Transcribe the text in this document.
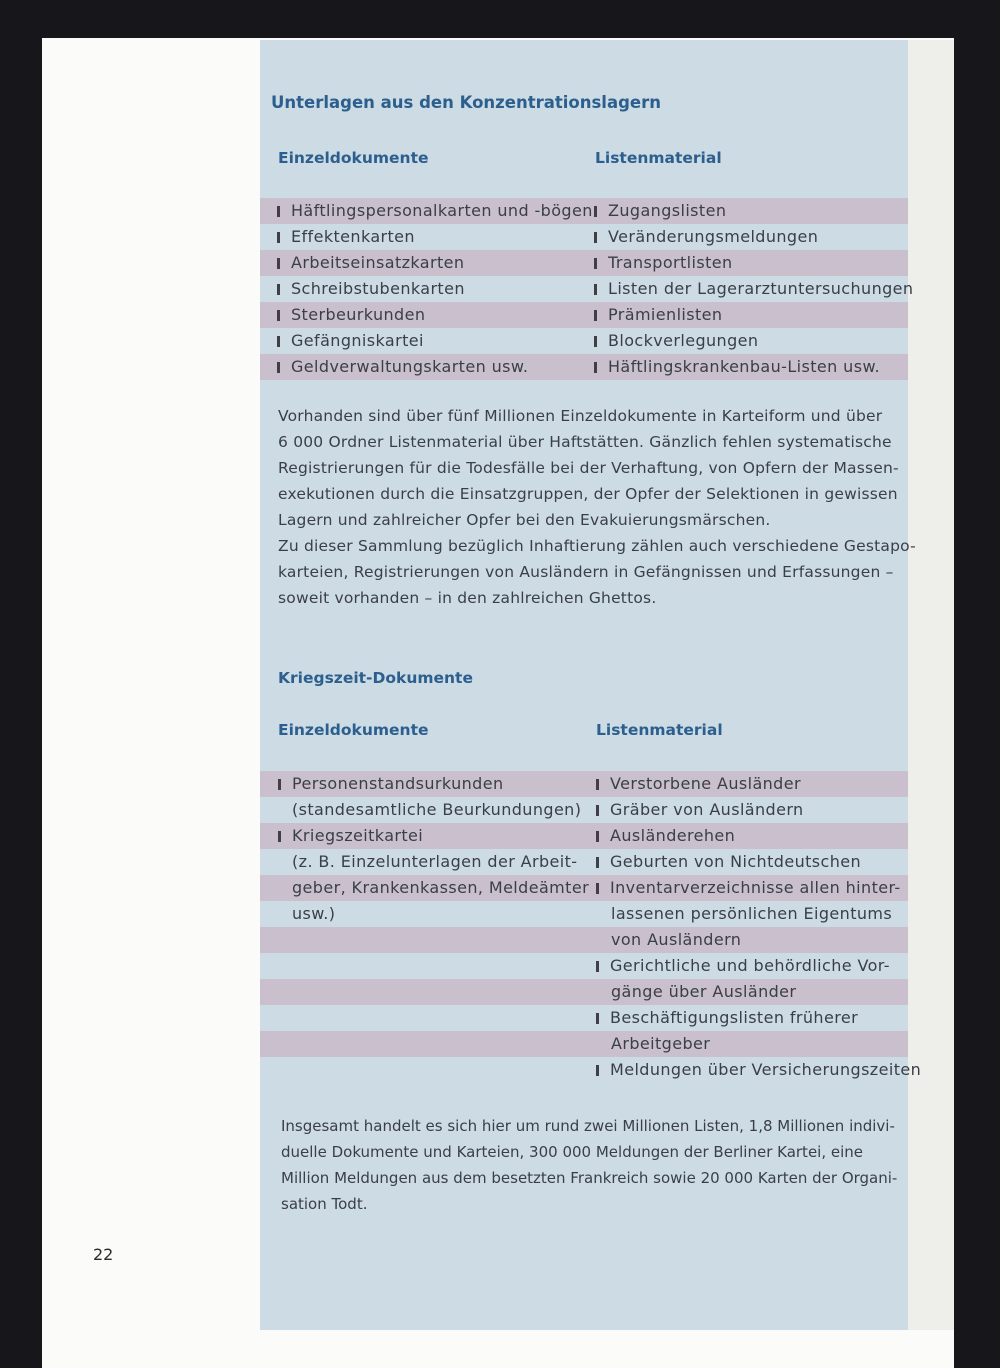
Unterlagen aus den Konzentrationslagern
Einzeldokumente	Listenmaterial
Häftlingspersonalkarten und -bögen
Effektenkarten
Arbeitseinsatzkarten
Schreibstubenkarten
Sterbeurkunden
Gefängniskartei
Geldverwaltungskarten usw.
Zugangslisten
Veränderungsmeldungen
Transportlisten
Listen der Lagerarztuntersuchungen
Prämienlisten
Blockverlegungen
Häftlingskrankenbau-Listen usw.
Vorhanden sind über fünf Millionen Einzeldokumente in Karteiform und über
6 000 Ordner Listenmaterial über Haftstätten. Gänzlich fehlen systematische
Registrierungen für die Todesfälle bei der Verhaftung, von Opfern der Massen-
exekutionen durch die Einsatzgruppen, der Opfer der Selektionen in gewissen
Lagern und zahlreicher Opfer bei den Evakuierungsmärschen.
Zu dieser Sammlung bezüglich Inhaftierung zählen auch verschiedene Gestapo-
karteien, Registrierungen von Ausländern in Gefängnissen und Erfassungen –
soweit vorhanden – in den zahlreichen Ghettos.
Kriegszeit-Dokumente
Einzeldokumente	Listenmaterial
Personenstandsurkunden
(standesamtliche Beurkundungen)
Kriegszeitkartei
(z. B. Einzelunterlagen der Arbeit-
geber, Krankenkassen, Meldeämter
usw.)
Verstorbene Ausländer
Gräber von Ausländern
Ausländerehen
Geburten von Nichtdeutschen
Inventarverzeichnisse allen hinter-
lassenen persönlichen Eigentums
von Ausländern
Gerichtliche und behördliche Vor-
gänge über Ausländer
Beschäftigungslisten früherer
Arbeitgeber
Meldungen über Versicherungszeiten
Insgesamt handelt es sich hier um rund zwei Millionen Listen, 1,8 Millionen indivi-
duelle Dokumente und Karteien, 300 000 Meldungen der Berliner Kartei, eine
Million Meldungen aus dem besetzten Frankreich sowie 20 000 Karten der Organi-
sation Todt.
22
